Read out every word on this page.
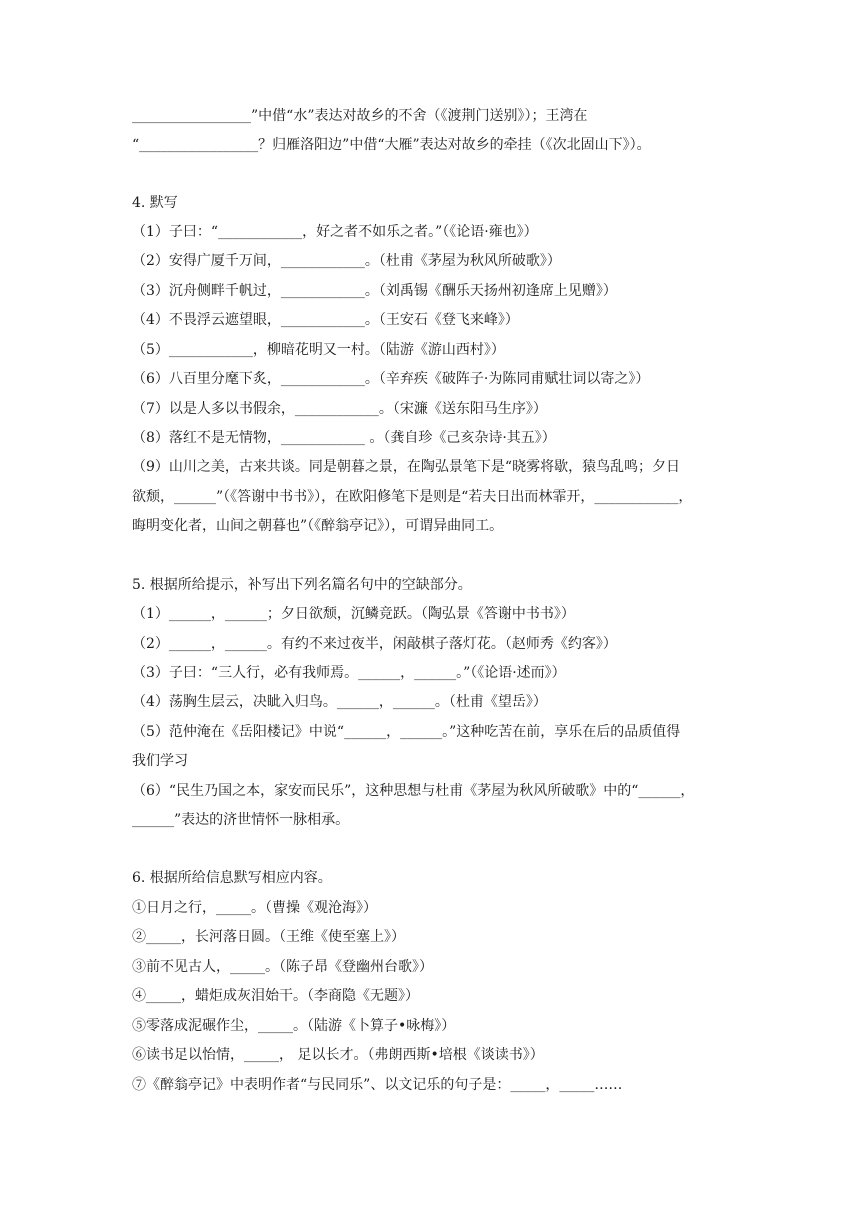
_________________”中借“水”表达对故乡的不舍（《渡荆门送别》）；王湾在
“_________________？归雁洛阳边”中借“大雁”表达对故乡的牵挂（《次北固山下》）。
4. 默写
（1）子曰：“____________，好之者不如乐之者。”（《论语·雍也》）
（2）安得广厦千万间，____________。（杜甫《茅屋为秋风所破歌》）
（3）沉舟侧畔千帆过，____________。（刘禹锡《酬乐天扬州初逢席上见赠》）
（4）不畏浮云遮望眼，____________。（王安石《登飞来峰》）
（5）____________，柳暗花明又一村。（陆游《游山西村》）
（6）八百里分麾下炙，____________。（辛弃疾《破阵子·为陈同甫赋壮词以寄之》）
（7）以是人多以书假余，____________。（宋濂《送东阳马生序》）
（8）落红不是无情物，____________ 。（龚自珍《己亥杂诗·其五》）
（9）山川之美，古来共谈。同是朝暮之景，在陶弘景笔下是“晓雾将歇，猿鸟乱鸣；夕日
欲颓，______”（《答谢中书书》），在欧阳修笔下是则是“若夫日出而林霏开，____________，
晦明变化者，山间之朝暮也”（《醉翁亭记》），可谓异曲同工。
5. 根据所给提示，补写出下列名篇名句中的空缺部分。
（1）______，______；夕日欲颓，沉鳞竞跃。（陶弘景《答谢中书书》）
（2）______，______。有约不来过夜半，闲敲棋子落灯花。（赵师秀《约客》）
（3）子曰：“三人行，必有我师焉。______，______。”（《论语·述而》）
（4）荡胸生层云，决眦入归鸟。______，______。（杜甫《望岳》）
（5）范仲淹在《岳阳楼记》中说“______，______。”这种吃苦在前，享乐在后的品质值得
我们学习
（6）“民生乃国之本，家安而民乐”，这种思想与杜甫《茅屋为秋风所破歌》中的“______，
______”表达的济世情怀一脉相承。
6. 根据所给信息默写相应内容。
①日月之行，_____。（曹操《观沧海》）
②_____，长河落日圆。（王维《使至塞上》）
③前不见古人，_____。（陈子昂《登幽州台歌》）
④_____，蜡炬成灰泪始干。（李商隐《无题》）
⑤零落成泥碾作尘，_____。（陆游《卜算子•咏梅》）
⑥读书足以怡情，_____， 足以长才。（弗朗西斯•培根《谈读书》）
⑦《醉翁亭记》中表明作者“与民同乐”、以文记乐的句子是：_____，_____……
